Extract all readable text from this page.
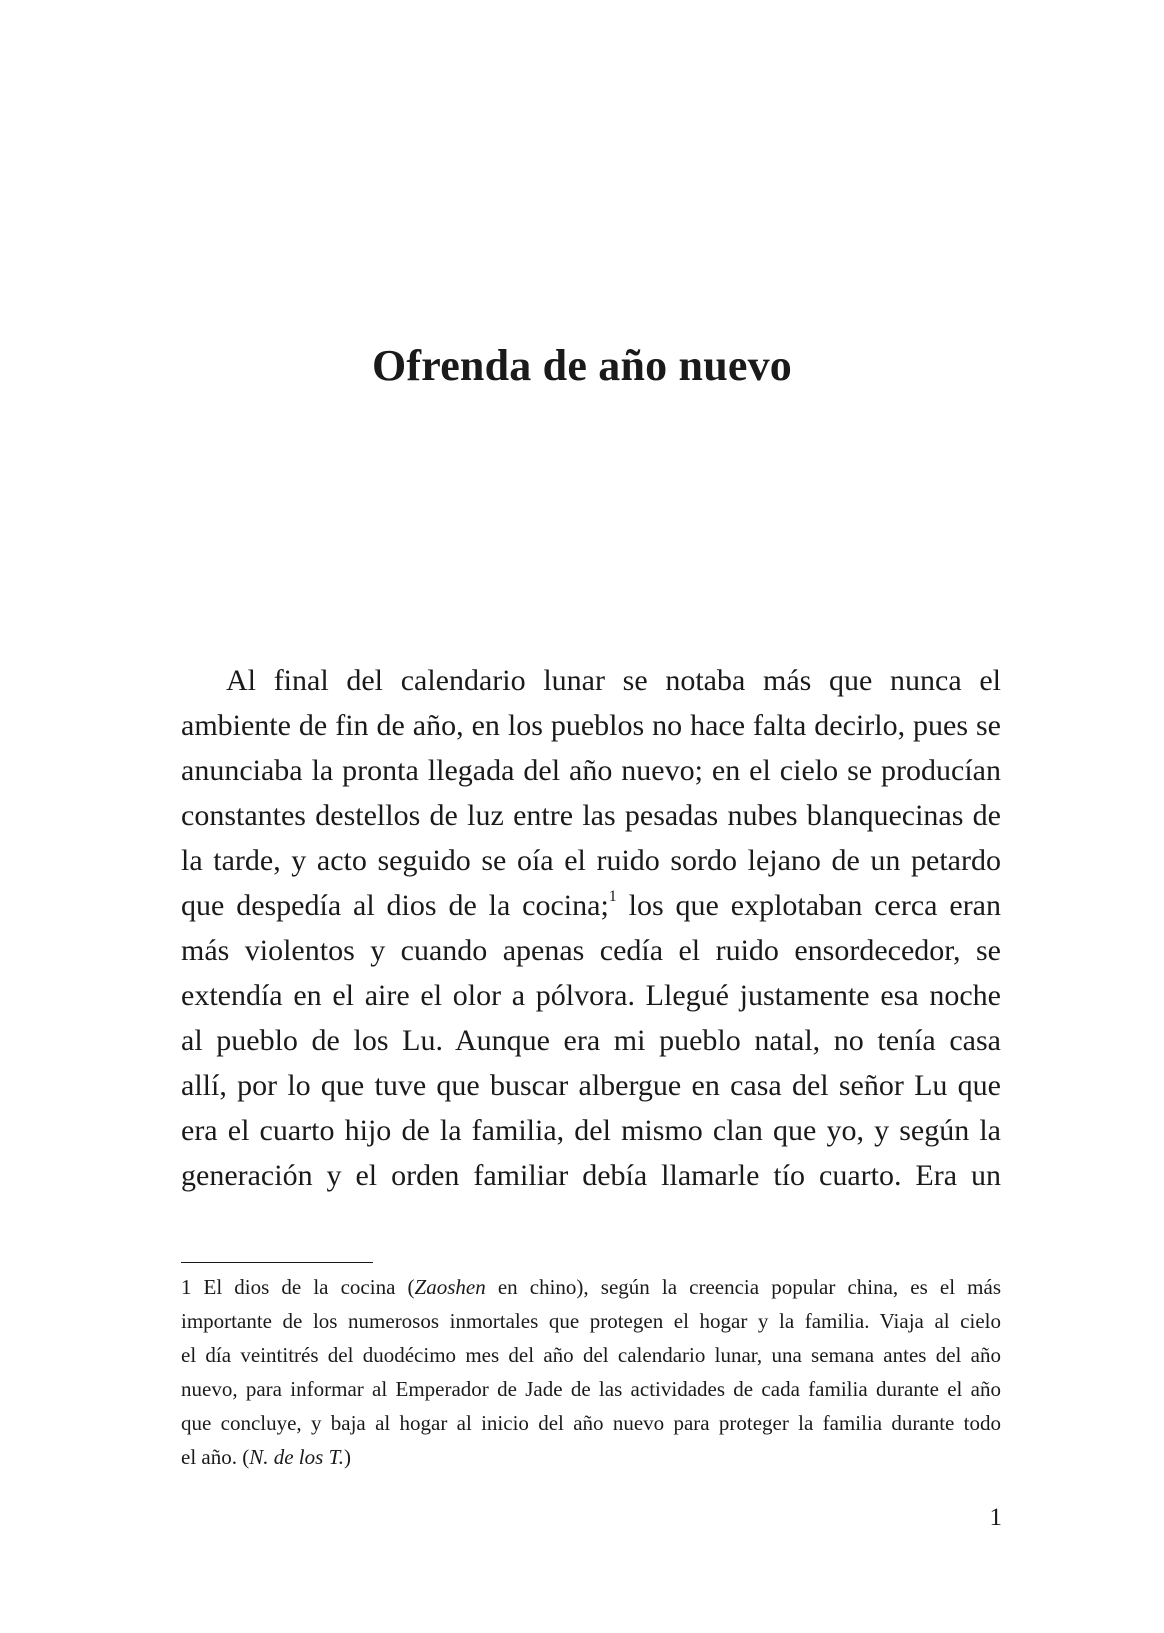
Ofrenda de año nuevo
Al final del calendario lunar se notaba más que nunca el
ambiente de fin de año, en los pueblos no hace falta decirlo, pues se
anunciaba la pronta llegada del año nuevo; en el cielo se producían
constantes destellos de luz entre las pesadas nubes blanquecinas de
la tarde, y acto seguido se oía el ruido sordo lejano de un petardo
que despedía al dios de la cocina;$^1$ los que explotaban cerca eran
más violentos y cuando apenas cedía el ruido ensordecedor, se
extendía en el aire el olor a pólvora. Llegué justamente esa noche
al pueblo de los Lu. Aunque era mi pueblo natal, no tenía casa
allí, por lo que tuve que buscar albergue en casa del señor Lu que
era el cuarto hijo de la familia, del mismo clan que yo, y según la
generación y el orden familiar debía llamarle tío cuarto. Era un
1 El dios de la cocina (Zaoshen en chino), según la creencia popular china, es el más
importante de los numerosos inmortales que protegen el hogar y la familia. Viaja al cielo
el día veintitrés del duodécimo mes del año del calendario lunar, una semana antes del año
nuevo, para informar al Emperador de Jade de las actividades de cada familia durante el año
que concluye, y baja al hogar al inicio del año nuevo para proteger la familia durante todo
el año. (N. de los T.)
1
